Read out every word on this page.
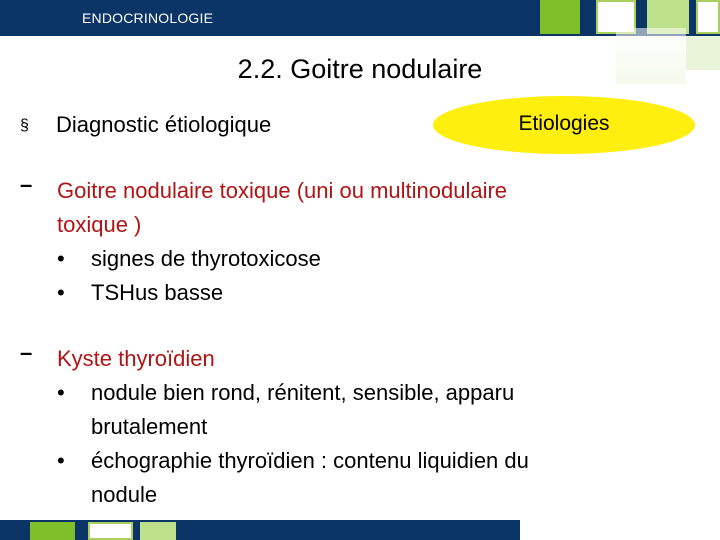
ENDOCRINOLOGIE
2.2. Goitre nodulaire
§ Diagnostic étiologique	Etiologies
– Goitre nodulaire toxique (uni ou multinodulaire
toxique )
• signes de thyrotoxicose
• TSHus basse
– Kyste thyroïdien
• nodule bien rond, rénitent, sensible, apparu
brutalement
• échographie thyroïdien : contenu liquidien du
nodule
